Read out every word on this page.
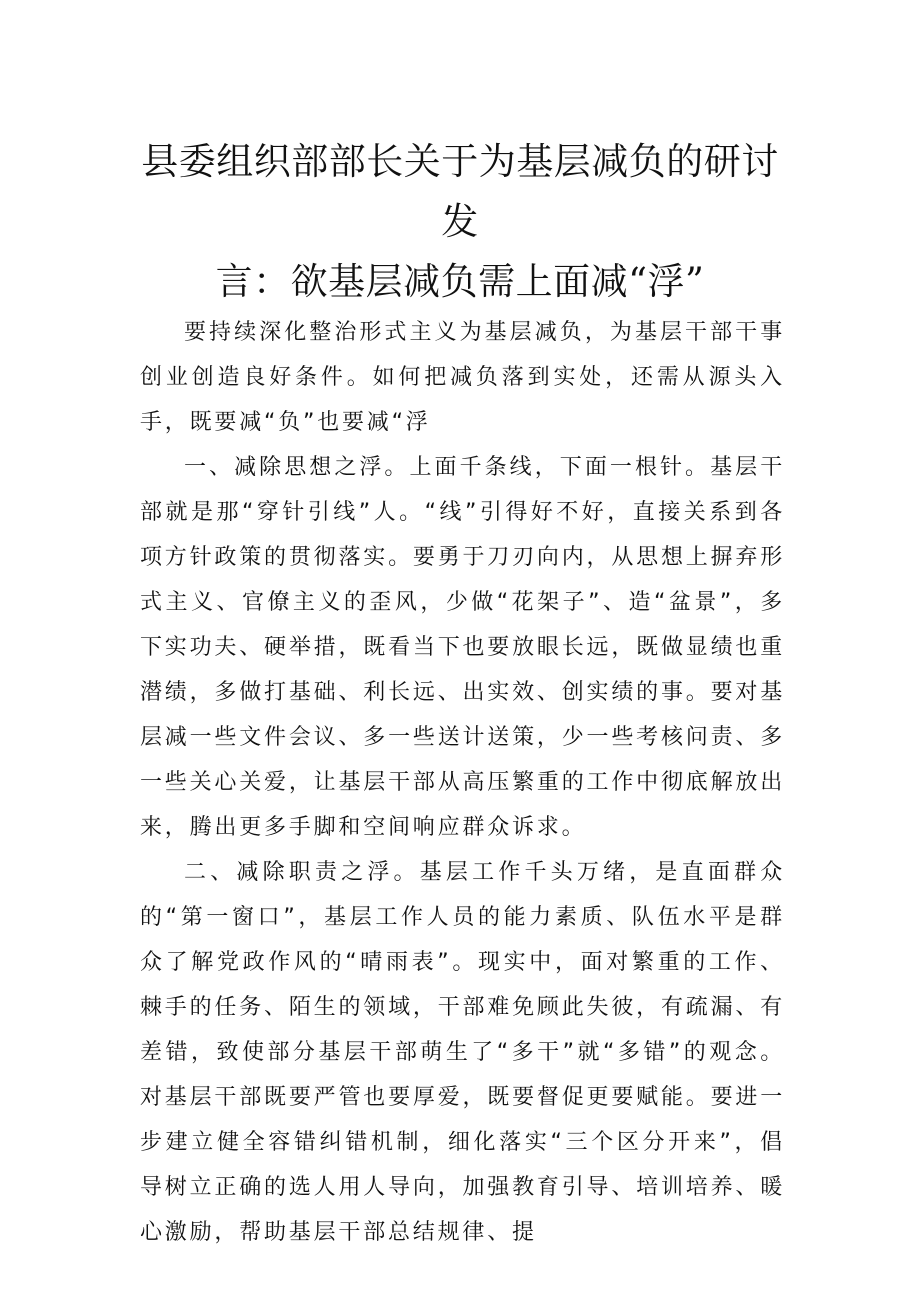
县委组织部部长关于为基层减负的研讨发
言：欲基层减负需上面减“浮”

要持续深化整治形式主义为基层减负，为基层干部干事创业创造良好条件。如何把减负落到实处，还需从源头入手，既要减“负”也要减“浮

一、减除思想之浮。上面千条线，下面一根针。基层干部就是那“穿针引线”人。“线”引得好不好，直接关系到各项方针政策的贯彻落实。要勇于刀刃向内，从思想上摒弃形式主义、官僚主义的歪风，少做“花架子”、造“盆景”，多下实功夫、硬举措，既看当下也要放眼长远，既做显绩也重潜绩，多做打基础、利长远、出实效、创实绩的事。要对基层减一些文件会议、多一些送计送策，少一些考核问责、多一些关心关爱，让基层干部从高压繁重的工作中彻底解放出来，腾出更多手脚和空间响应群众诉求。

二、减除职责之浮。基层工作千头万绪，是直面群众的“第一窗口”，基层工作人员的能力素质、队伍水平是群众了解党政作风的“晴雨表”。现实中，面对繁重的工作、棘手的任务、陌生的领域，干部难免顾此失彼，有疏漏、有差错，致使部分基层干部萌生了“多干”就“多错”的观念。对基层干部既要严管也要厚爱，既要督促更要赋能。要进一步建立健全容错纠错机制，细化落实“三个区分开来”，倡导树立正确的选人用人导向，加强教育引导、培训培养、暖心激励，帮助基层干部总结规律、提
